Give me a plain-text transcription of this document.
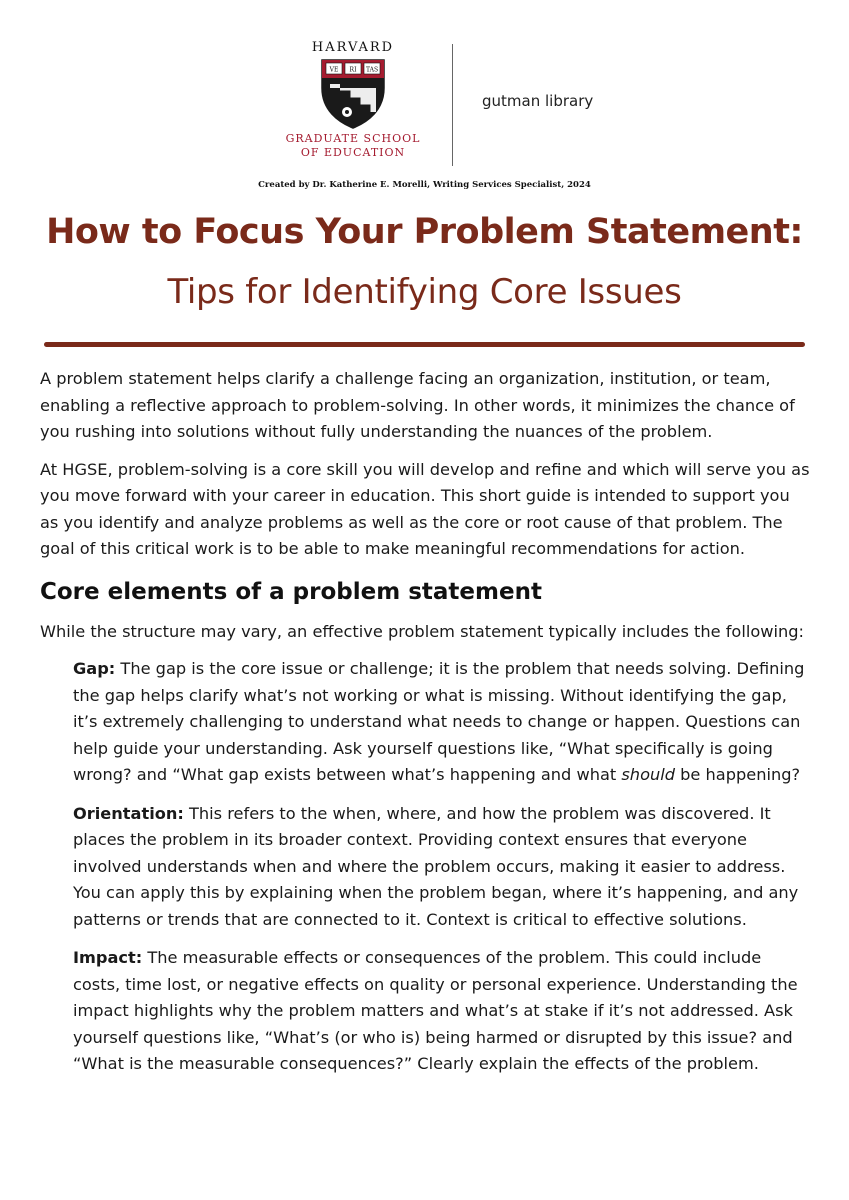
HARVARD
VE RI TAS
GRADUATE SCHOOL
OF EDUCATION
gutman library
Created by Dr. Katherine E. Morelli, Writing Services Specialist, 2024
How to Focus Your Problem Statement:
Tips for Identifying Core Issues

A problem statement helps clarify a challenge facing an organization, institution, or team, enabling a reflective approach to problem-solving. In other words, it minimizes the chance of you rushing into solutions without fully understanding the nuances of the problem.

At HGSE, problem-solving is a core skill you will develop and refine and which will serve you as you move forward with your career in education. This short guide is intended to support you as you identify and analyze problems as well as the core or root cause of that problem. The goal of this critical work is to be able to make meaningful recommendations for action.

Core elements of a problem statement

While the structure may vary, an effective problem statement typically includes the following:

Gap: The gap is the core issue or challenge; it is the problem that needs solving. Defining the gap helps clarify what’s not working or what is missing. Without identifying the gap, it’s extremely challenging to understand what needs to change or happen. Questions can help guide your understanding. Ask yourself questions like, “What specifically is going wrong? and “What gap exists between what’s happening and what should be happening?

Orientation: This refers to the when, where, and how the problem was discovered. It places the problem in its broader context. Providing context ensures that everyone involved understands when and where the problem occurs, making it easier to address. You can apply this by explaining when the problem began, where it’s happening, and any patterns or trends that are connected to it. Context is critical to effective solutions.

Impact: The measurable effects or consequences of the problem. This could include costs, time lost, or negative effects on quality or personal experience. Understanding the impact highlights why the problem matters and what’s at stake if it’s not addressed. Ask yourself questions like, “What’s (or who is) being harmed or disrupted by this issue? and “What is the measurable consequences?” Clearly explain the effects of the problem.
